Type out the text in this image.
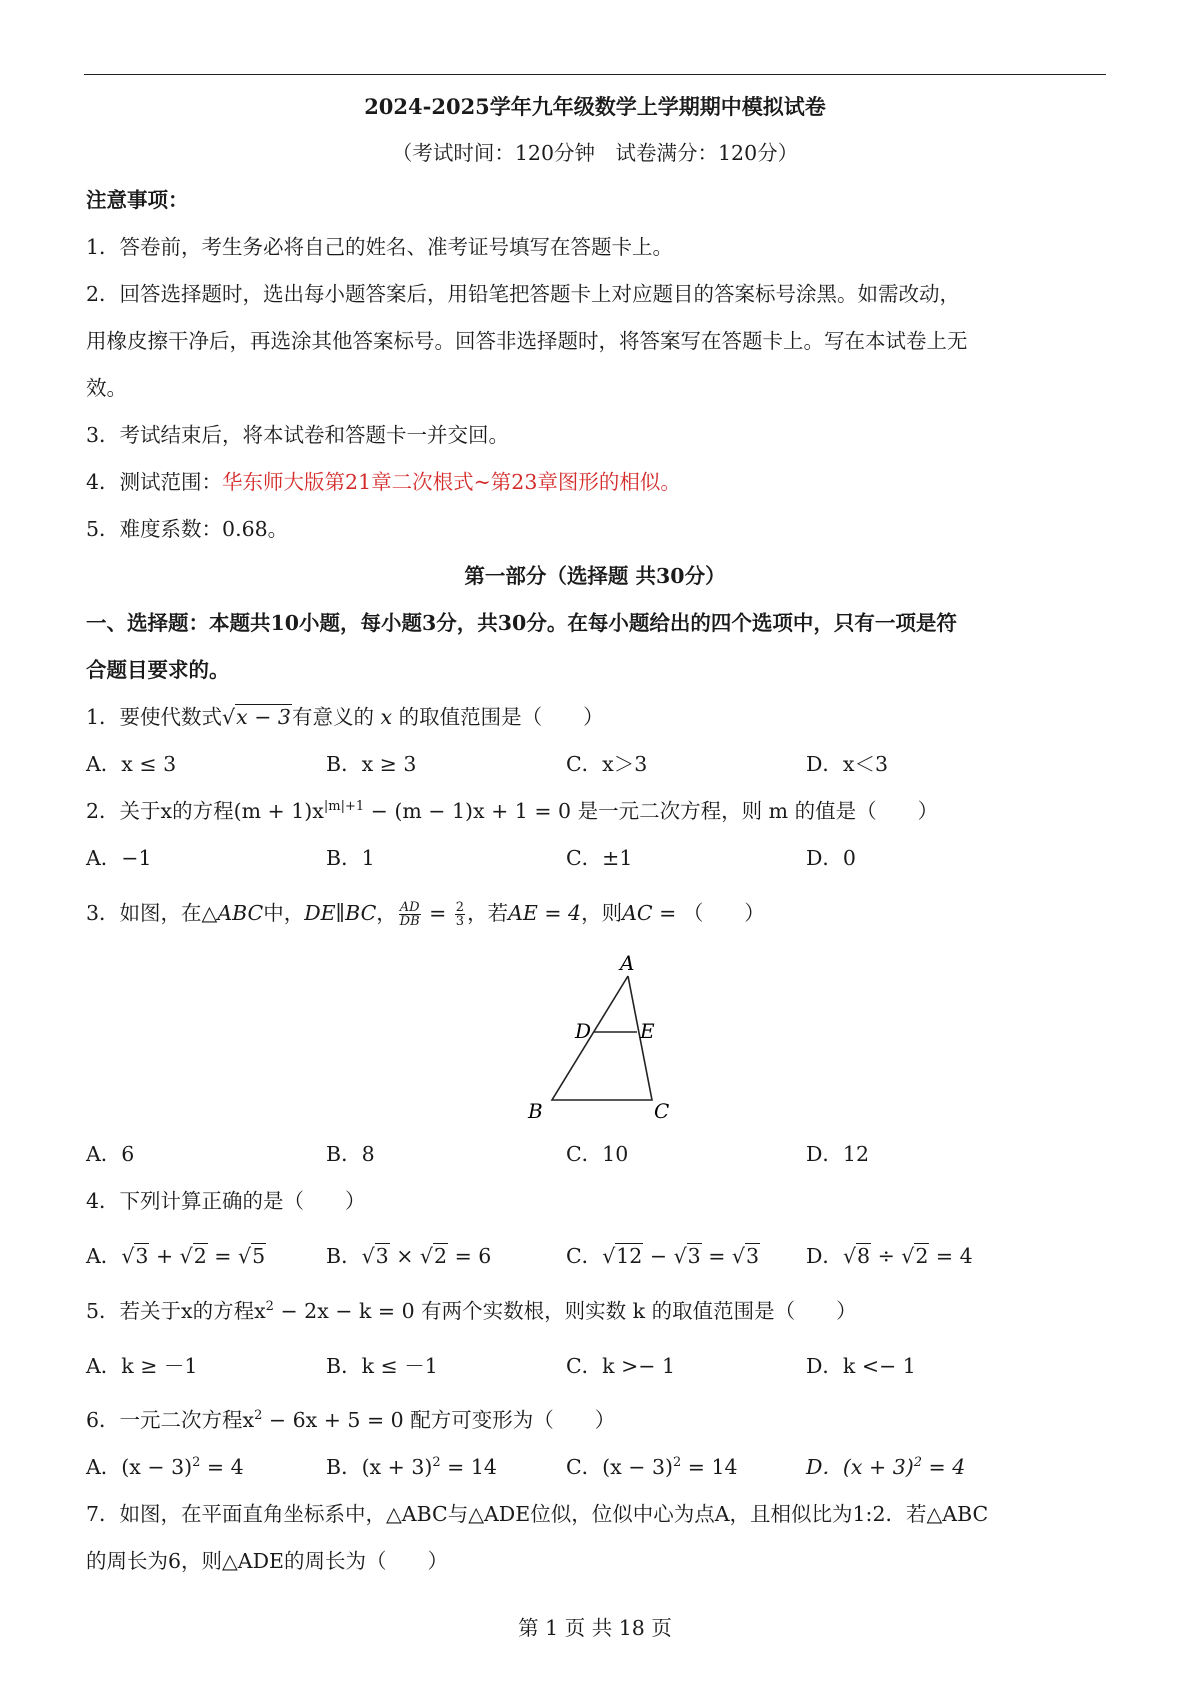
2024-2025学年九年级数学上学期期中模拟试卷
（考试时间：120分钟　试卷满分：120分）
注意事项：
1．答卷前，考生务必将自己的姓名、准考证号填写在答题卡上。
2．回答选择题时，选出每小题答案后，用铅笔把答题卡上对应题目的答案标号涂黑。如需改动，
用橡皮擦干净后，再选涂其他答案标号。回答非选择题时，将答案写在答题卡上。写在本试卷上无
效。
3．考试结束后，将本试卷和答题卡一并交回。
4．测试范围：华东师大版第21章二次根式~第23章图形的相似。
5．难度系数：0.68。
第一部分（选择题 共30分）
一、选择题：本题共10小题，每小题3分，共30分。在每小题给出的四个选项中，只有一项是符
合题目要求的。
1．要使代数式√x − 3有意义的 x 的取值范围是（　　）
A．x ≤ 3	B．x ≥ 3	C．x＞3	D．x＜3
2．关于x的方程$(m + 1)x^{|m|+1} - (m - 1)x + 1 = 0$ 是一元二次方程，则 m 的值是（　　）
A．−1	B．1	C．±1	D．0
3．如图，在△ABC中，DE∥BC， $\frac{AD}{DB} = \frac{2}{3}$ ，若AE = 4，则AC = （　　）
A
D E
B	C
A．6	B．8	C．10	D．12
4．下列计算正确的是（　　）
A．√3 + √2 = √5	B．√3 × √2 = 6	C．√12 − √3 = √3 D．√8 ÷ √2 = 4
5．若关于x的方程$x^2 - 2x - k = 0$ 有两个实数根，则实数 k 的取值范围是（　　）
A．k ≥ －1	B．k ≤ －1	C．k >− 1	D．k <− 1
6．一元二次方程$x^2 - 6x + 5 = 0$ 配方可变形为（　　）
A．$(x - 3)^2 = 4$	B．$(x + 3)^2 = 14$	C．$(x - 3)^2 = 14$	D．$(x + 3)^2 = 4$
7．如图，在平面直角坐标系中，△ABC与△ADE位似，位似中心为点A，且相似比为1:2．若△ABC
的周长为6，则△ADE的周长为（　　）
第 1 页 共 18 页
